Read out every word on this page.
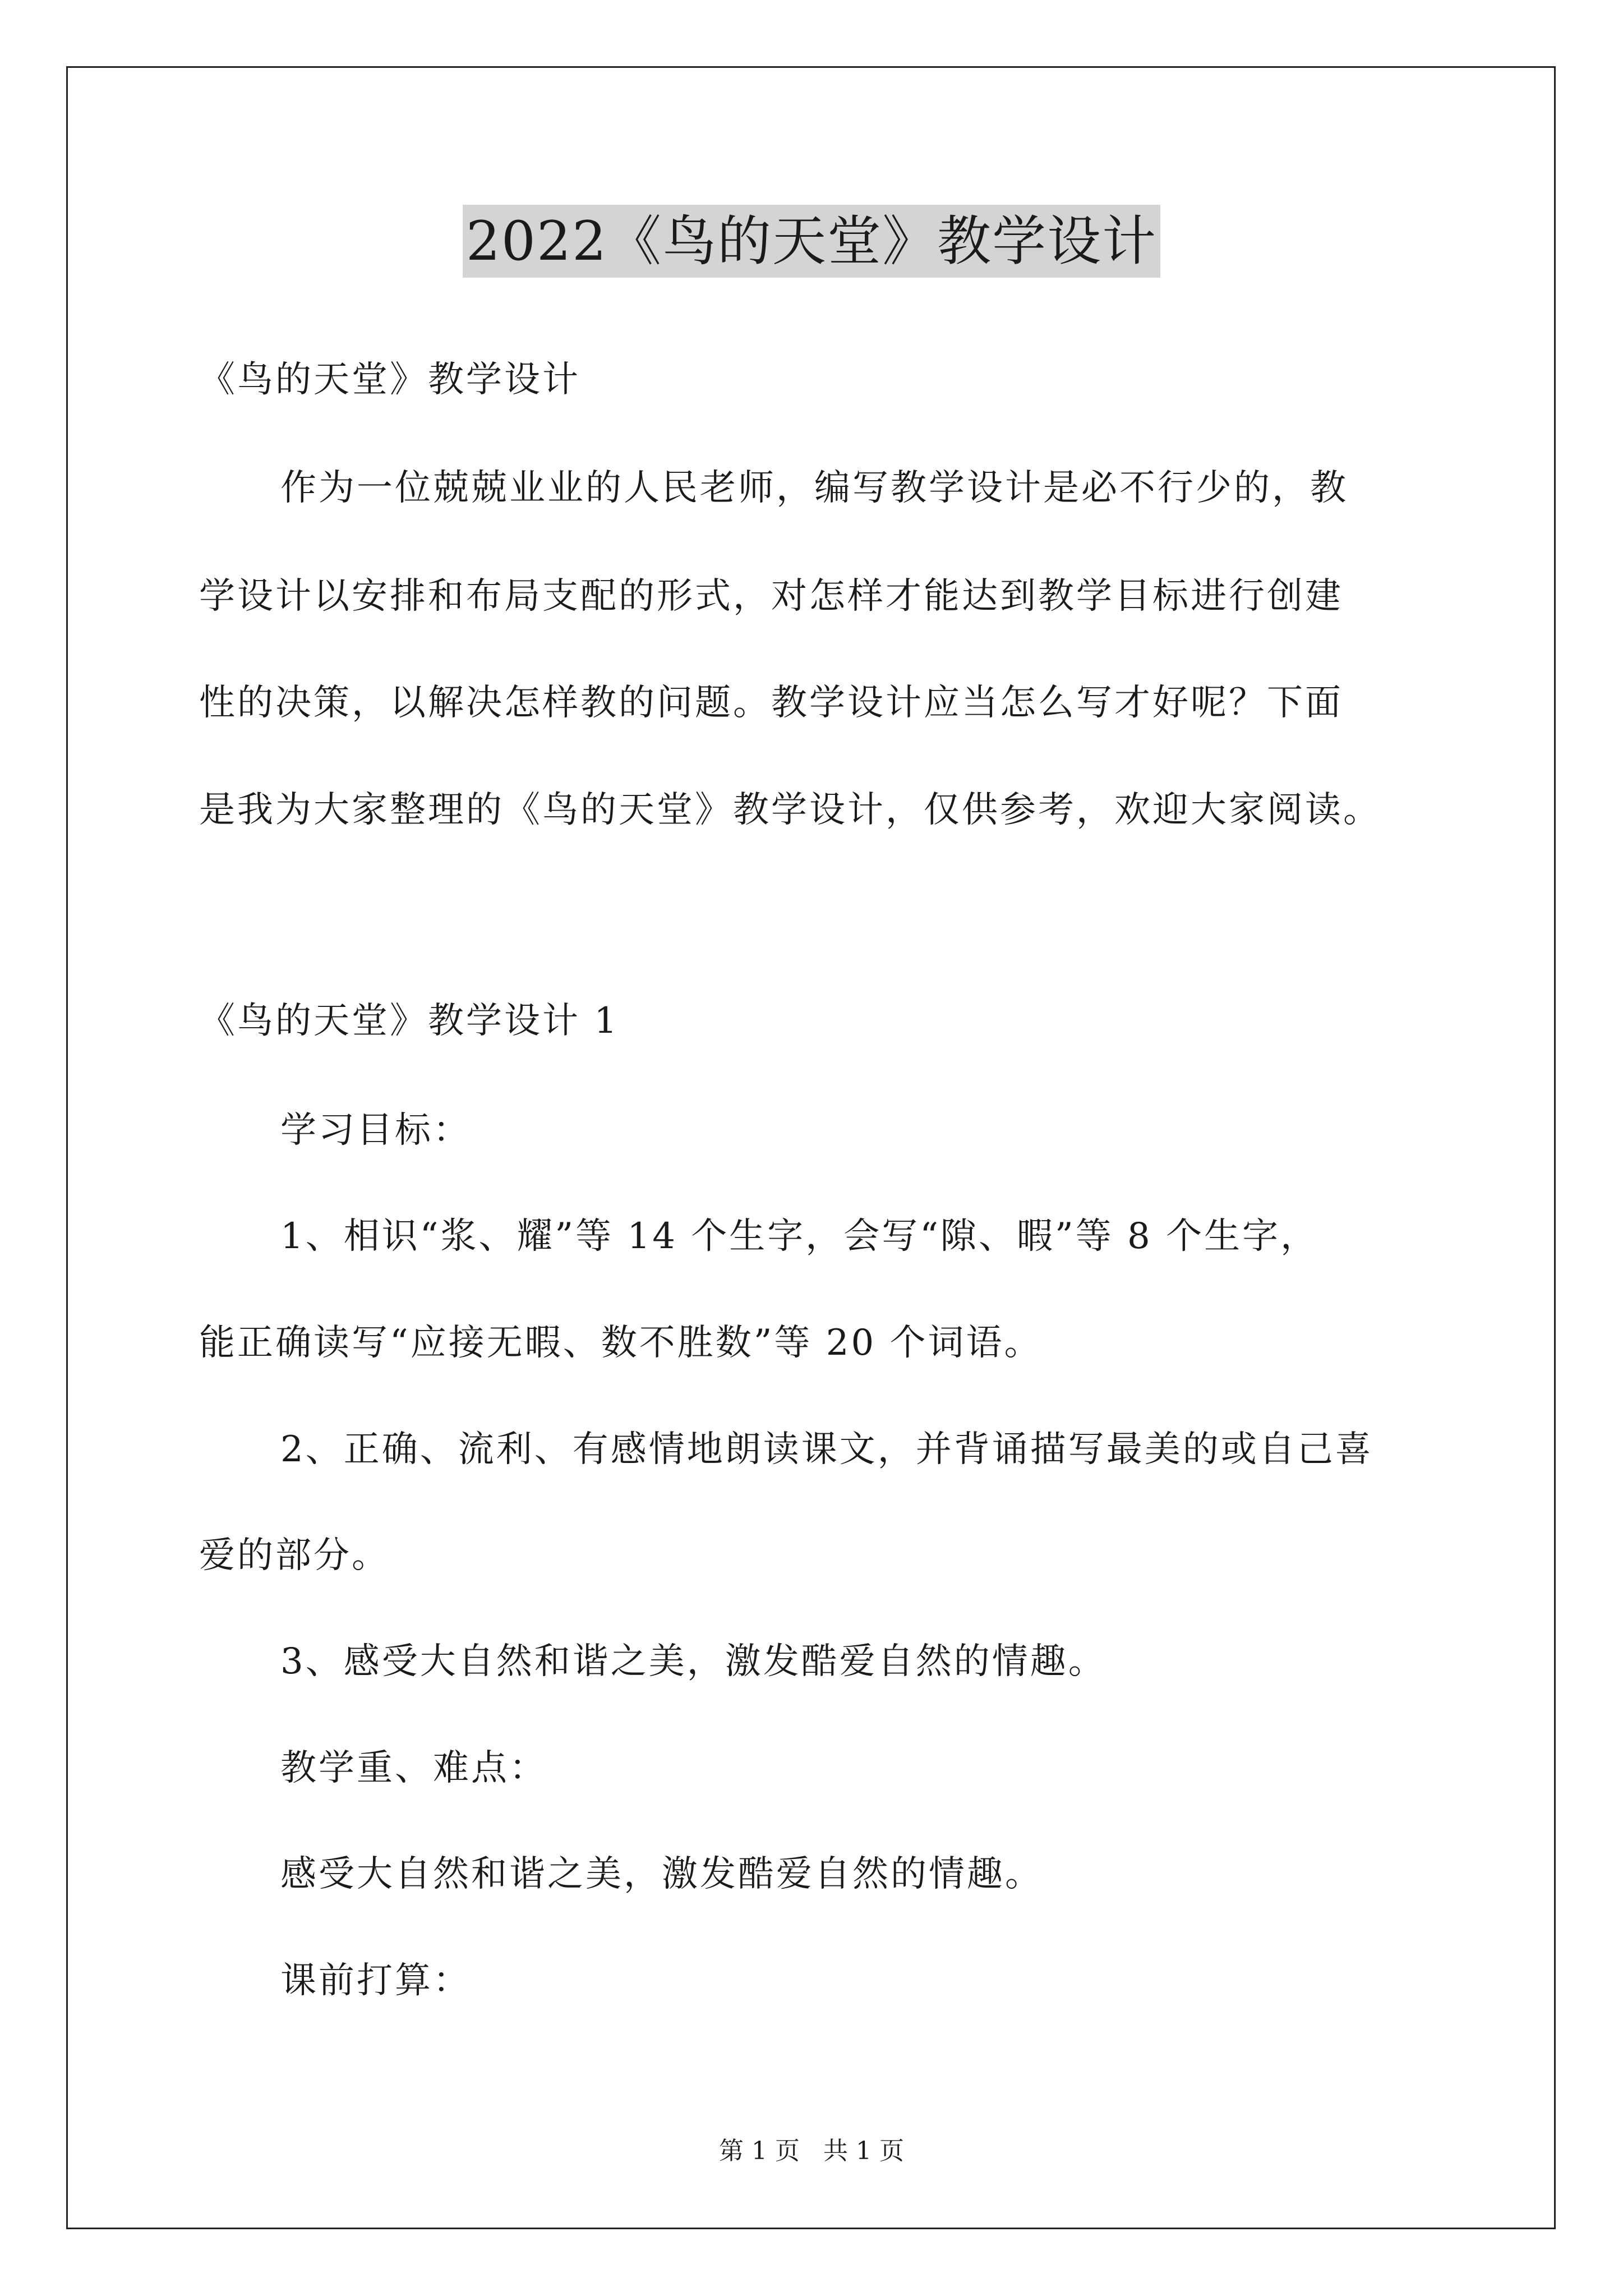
2022《鸟的天堂》教学设计
《鸟的天堂》教学设计
作为一位兢兢业业的人民老师，编写教学设计是必不行少的，教
学设计以安排和布局支配的形式，对怎样才能达到教学目标进行创建
性的决策，以解决怎样教的问题。教学设计应当怎么写才好呢？下面
是我为大家整理的《鸟的天堂》教学设计，仅供参考，欢迎大家阅读。
《鸟的天堂》教学设计 1
学习目标：
1、相识“浆、耀”等 14 个生字，会写“隙、暇”等 8 个生字，
能正确读写“应接无暇、数不胜数”等 20 个词语。
2、正确、流利、有感情地朗读课文，并背诵描写最美的或自己喜
爱的部分。
3、感受大自然和谐之美，激发酷爱自然的情趣。
教学重、难点：
感受大自然和谐之美，激发酷爱自然的情趣。
课前打算：
第 1 页   共 1 页
